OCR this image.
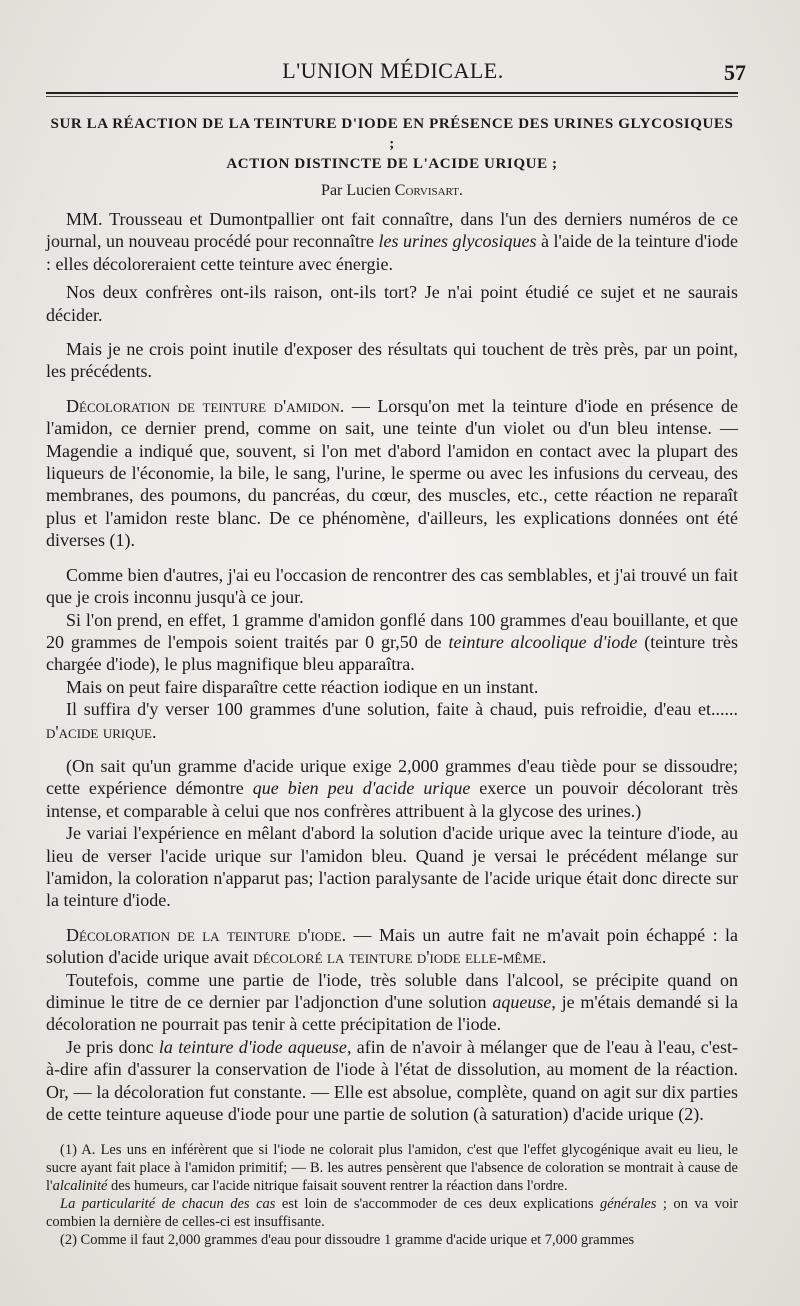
L'UNION MÉDICALE.	57
SUR LA RÉACTION DE LA TEINTURE D'IODE EN PRÉSENCE DES URINES GLYCOSIQUES ;
ACTION DISTINCTE DE L'ACIDE URIQUE ;
Par Lucien Corvisart.

MM. Trousseau et Dumontpallier ont fait connaître, dans l'un des derniers numéros de ce journal, un nouveau procédé pour reconnaître les urines glycosiques à l'aide de la teinture d'iode : elles décoloreraient cette teinture avec énergie.

Nos deux confrères ont-ils raison, ont-ils tort? Je n'ai point étudié ce sujet et ne saurais décider.

Mais je ne crois point inutile d'exposer des résultats qui touchent de très près, par un point, les précédents.

Décoloration de teinture d'amidon. — Lorsqu'on met la teinture d'iode en présence de l'amidon, ce dernier prend, comme on sait, une teinte d'un violet ou d'un bleu intense. — Magendie a indiqué que, souvent, si l'on met d'abord l'amidon en contact avec la plupart des liqueurs de l'économie, la bile, le sang, l'urine, le sperme ou avec les infusions du cerveau, des membranes, des poumons, du pancréas, du cœur, des muscles, etc., cette réaction ne reparaît plus et l'amidon reste blanc. De ce phénomène, d'ailleurs, les explications données ont été diverses (1).

Comme bien d'autres, j'ai eu l'occasion de rencontrer des cas semblables, et j'ai trouvé un fait que je crois inconnu jusqu'à ce jour.

Si l'on prend, en effet, 1 gramme d'amidon gonflé dans 100 grammes d'eau bouillante, et que 20 grammes de l'empois soient traités par 0 gr,50 de teinture alcoolique d'iode (teinture très chargée d'iode), le plus magnifique bleu apparaîtra.

Mais on peut faire disparaître cette réaction iodique en un instant.

Il suffira d'y verser 100 grammes d'une solution, faite à chaud, puis refroidie, d'eau et...... d'acide urique.

(On sait qu'un gramme d'acide urique exige 2,000 grammes d'eau tiède pour se dissoudre; cette expérience démontre que bien peu d'acide urique exerce un pouvoir décolorant très intense, et comparable à celui que nos confrères attribuent à la glycose des urines.)

Je variai l'expérience en mêlant d'abord la solution d'acide urique avec la teinture d'iode, au lieu de verser l'acide urique sur l'amidon bleu. Quand je versai le précédent mélange sur l'amidon, la coloration n'apparut pas; l'action paralysante de l'acide urique était donc directe sur la teinture d'iode.

Décoloration de la teinture d'iode. — Mais un autre fait ne m'avait poin échappé : la solution d'acide urique avait décoloré la teinture d'iode elle-même.

Toutefois, comme une partie de l'iode, très soluble dans l'alcool, se précipite quand on diminue le titre de ce dernier par l'adjonction d'une solution aqueuse, je m'étais demandé si la décoloration ne pourrait pas tenir à cette précipitation de l'iode.

Je pris donc la teinture d'iode aqueuse, afin de n'avoir à mélanger que de l'eau à l'eau, c'est-à-dire afin d'assurer la conservation de l'iode à l'état de dissolution, au moment de la réaction. Or, — la décoloration fut constante. — Elle est absolue, complète, quand on agit sur dix parties de cette teinture aqueuse d'iode pour une partie de solution (à saturation) d'acide urique (2).

(1) A. Les uns en inférèrent que si l'iode ne colorait plus l'amidon, c'est que l'effet glycogénique avait eu lieu, le sucre ayant fait place à l'amidon primitif; — B. les autres pensèrent que l'absence de coloration se montrait à cause de l'alcalinité des humeurs, car l'acide nitrique faisait souvent rentrer la réaction dans l'ordre.

La particularité de chacun des cas est loin de s'accommoder de ces deux explications générales ; on va voir combien la dernière de celles-ci est insuffisante.

(2) Comme il faut 2,000 grammes d'eau pour dissoudre 1 gramme d'acide urique et 7,000 grammes
